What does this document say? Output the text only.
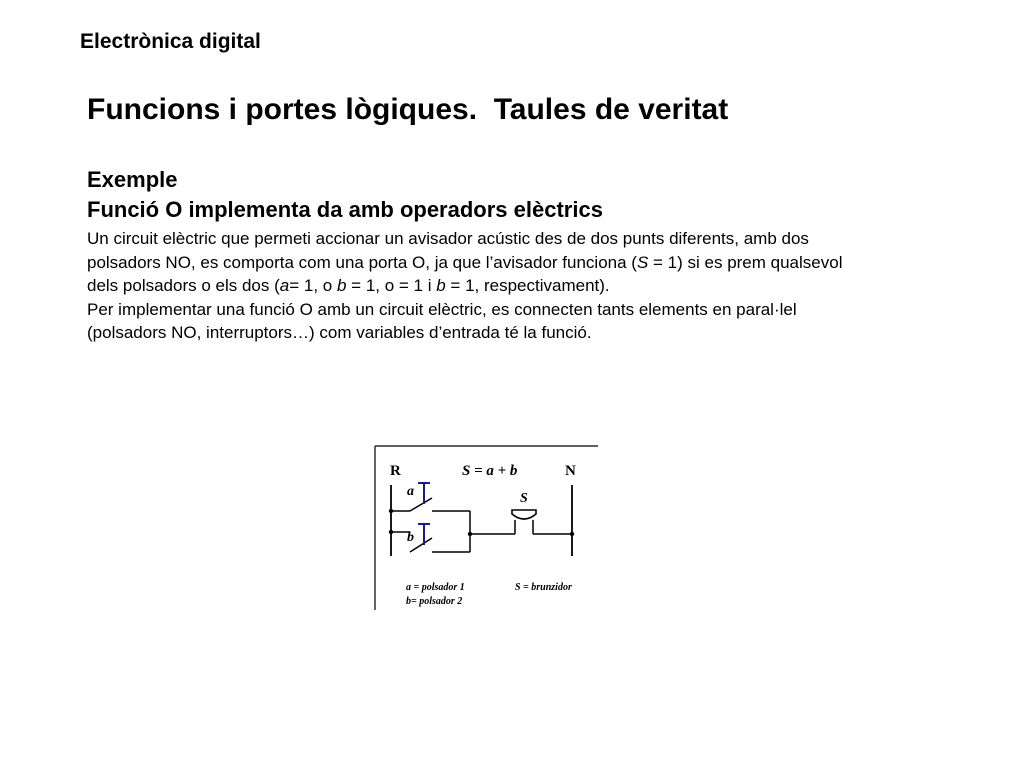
Electrònica digital
Funcions i portes lògiques.  Taules de veritat
Exemple
Funció O implementa da amb operadors elèctrics

Un circuit elèctric que permeti accionar un avisador acústic des de dos punts diferents, amb dos polsadors NO, es comporta com una porta O, ja que l’avisador funciona (S = 1) si es prem qualsevol dels polsadors o els dos (a= 1, o b = 1, o = 1 i b = 1, respectivament).

Per implementar una funció O amb un circuit elèctric, es connecten tants elements en paral·lel (polsadors NO, interruptors…) com variables d’entrada té la funció.

R	S = a + b	N
a
b
S
a = polsador 1
b= polsador 2
S = brunzidor
